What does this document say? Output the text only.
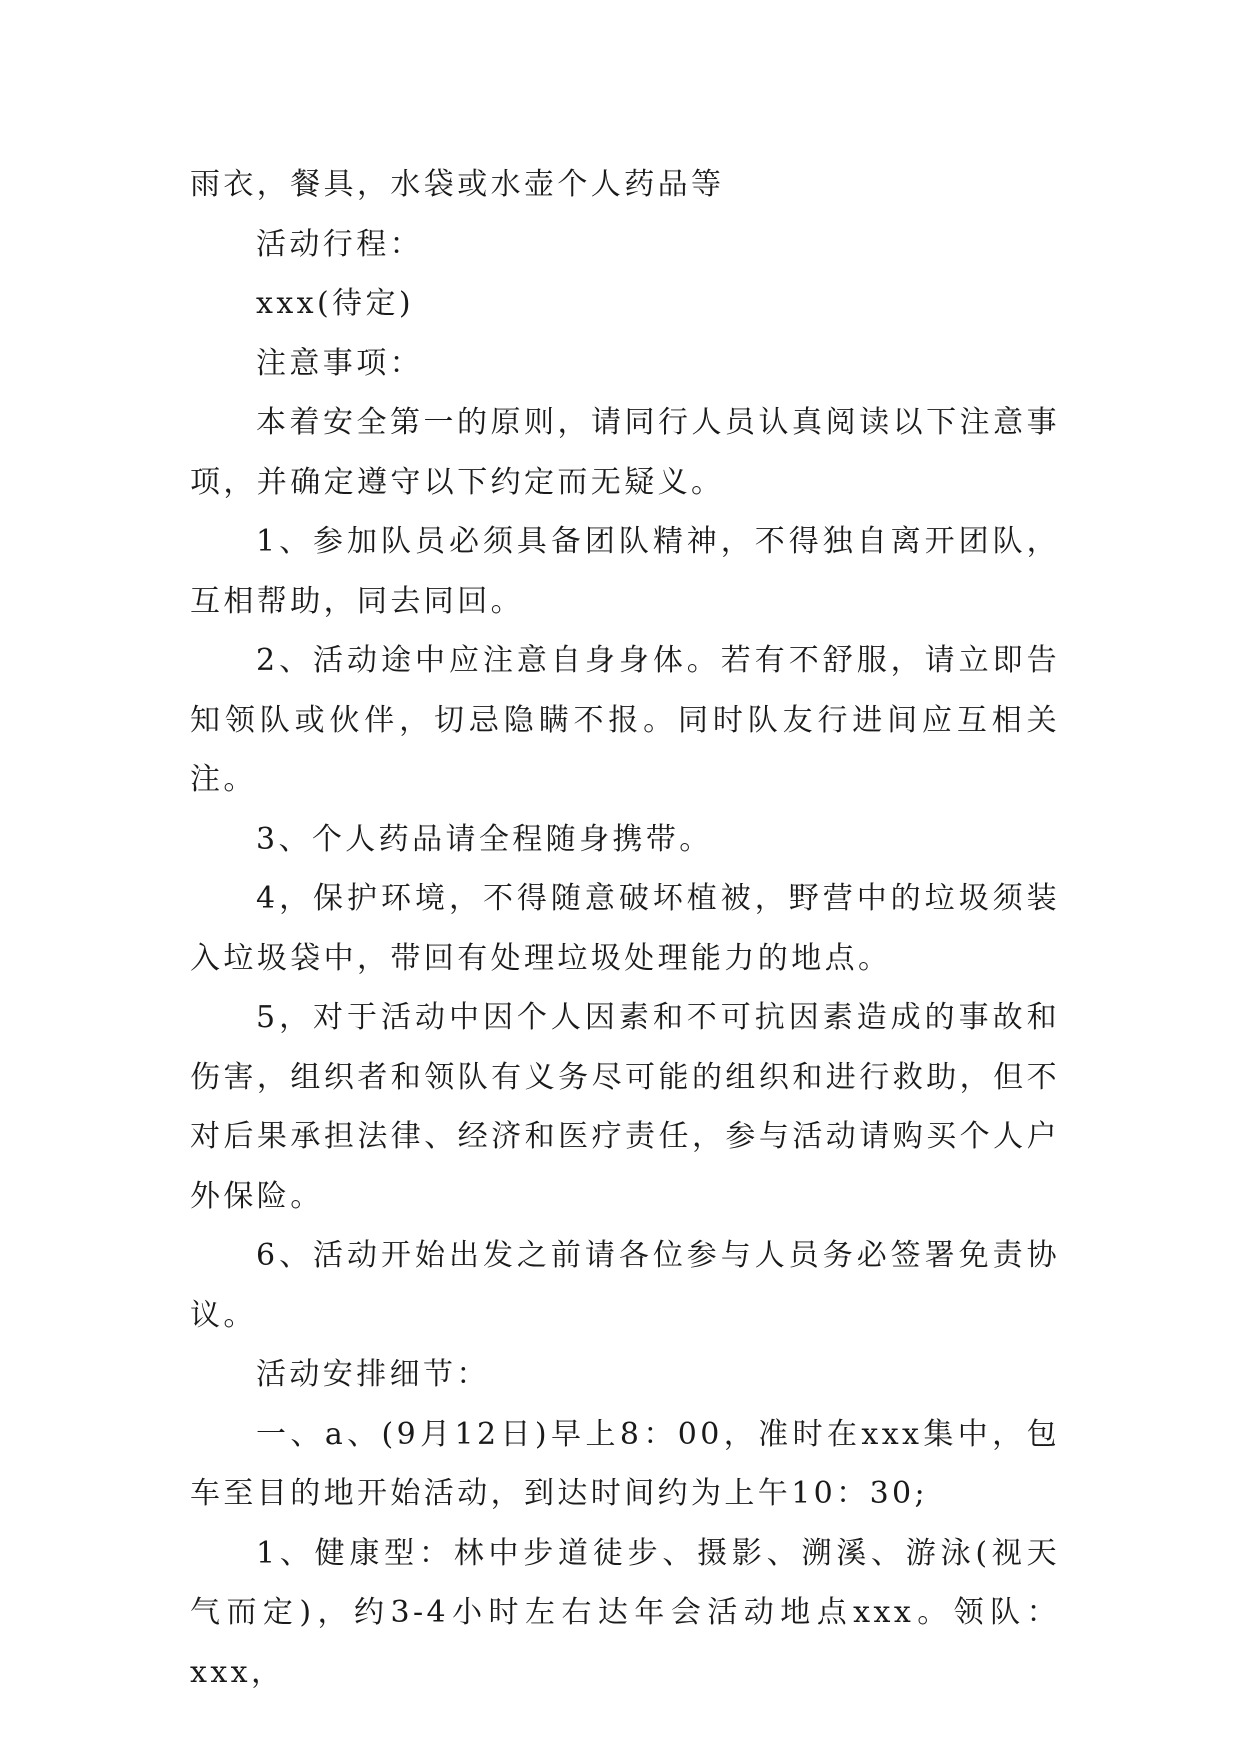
雨衣，餐具，水袋或水壶个人药品等

活动行程：

xxx(待定)

注意事项：

本着安全第一的原则，请同行人员认真阅读以下注意事项，并确定遵守以下约定而无疑义。

1、参加队员必须具备团队精神，不得独自离开团队，互相帮助，同去同回。

2、活动途中应注意自身身体。若有不舒服，请立即告知领队或伙伴，切忌隐瞒不报。同时队友行进间应互相关注。

3、个人药品请全程随身携带。

4，保护环境，不得随意破坏植被，野营中的垃圾须装入垃圾袋中，带回有处理垃圾处理能力的地点。

5，对于活动中因个人因素和不可抗因素造成的事故和伤害，组织者和领队有义务尽可能的组织和进行救助，但不对后果承担法律、经济和医疗责任，参与活动请购买个人户外保险。

6、活动开始出发之前请各位参与人员务必签署免责协议。

活动安排细节：

一、a、(9月12日)早上8：00，准时在xxx集中，包车至目的地开始活动，到达时间约为上午10：30;

1、健康型：林中步道徒步、摄影、溯溪、游泳(视天气而定)，约3-4小时左右达年会活动地点xxx。领队：xxx，
